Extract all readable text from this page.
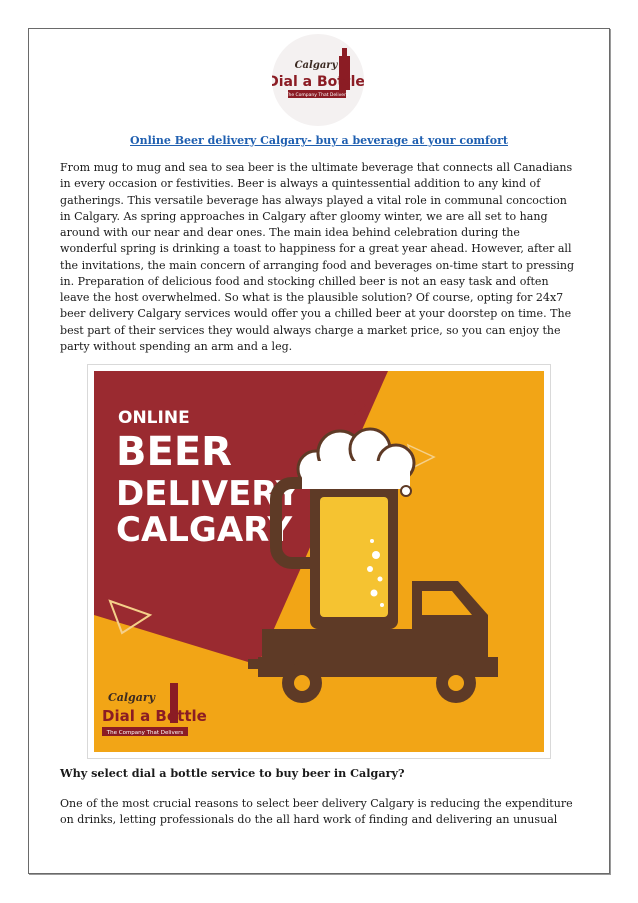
Calgary
Dial a Bottle
The Company That Delivers
Online Beer delivery Calgary- buy a beverage at your comfort
From mug to mug and sea to sea beer is the ultimate beverage that connects all Canadians
in every occasion or festivities. Beer is always a quintessential addition to any kind of
gatherings. This versatile beverage has always played a vital role in communal concoction
in Calgary. As spring approaches in Calgary after gloomy winter, we are all set to hang
around with our near and dear ones. The main idea behind celebration during the
wonderful spring is drinking a toast to happiness for a great year ahead. However, after all
the invitations, the main concern of arranging food and beverages on-time start to pressing
in. Preparation of delicious food and stocking chilled beer is not an easy task and often
leave the host overwhelmed. So what is the plausible solution? Of course, opting for 24x7
beer delivery Calgary services would offer you a chilled beer at your doorstep on time. The
best part of their services they would always charge a market price, so you can enjoy the
party without spending an arm and a leg.
ONLINE
BEER
DELIVERY
CALGARY
Calgary
Dial a Bottle
The Company That Delivers
Why select dial a bottle service to buy beer in Calgary?
One of the most crucial reasons to select beer delivery Calgary is reducing the expenditure
on drinks, letting professionals do the all hard work of finding and delivering an unusual
